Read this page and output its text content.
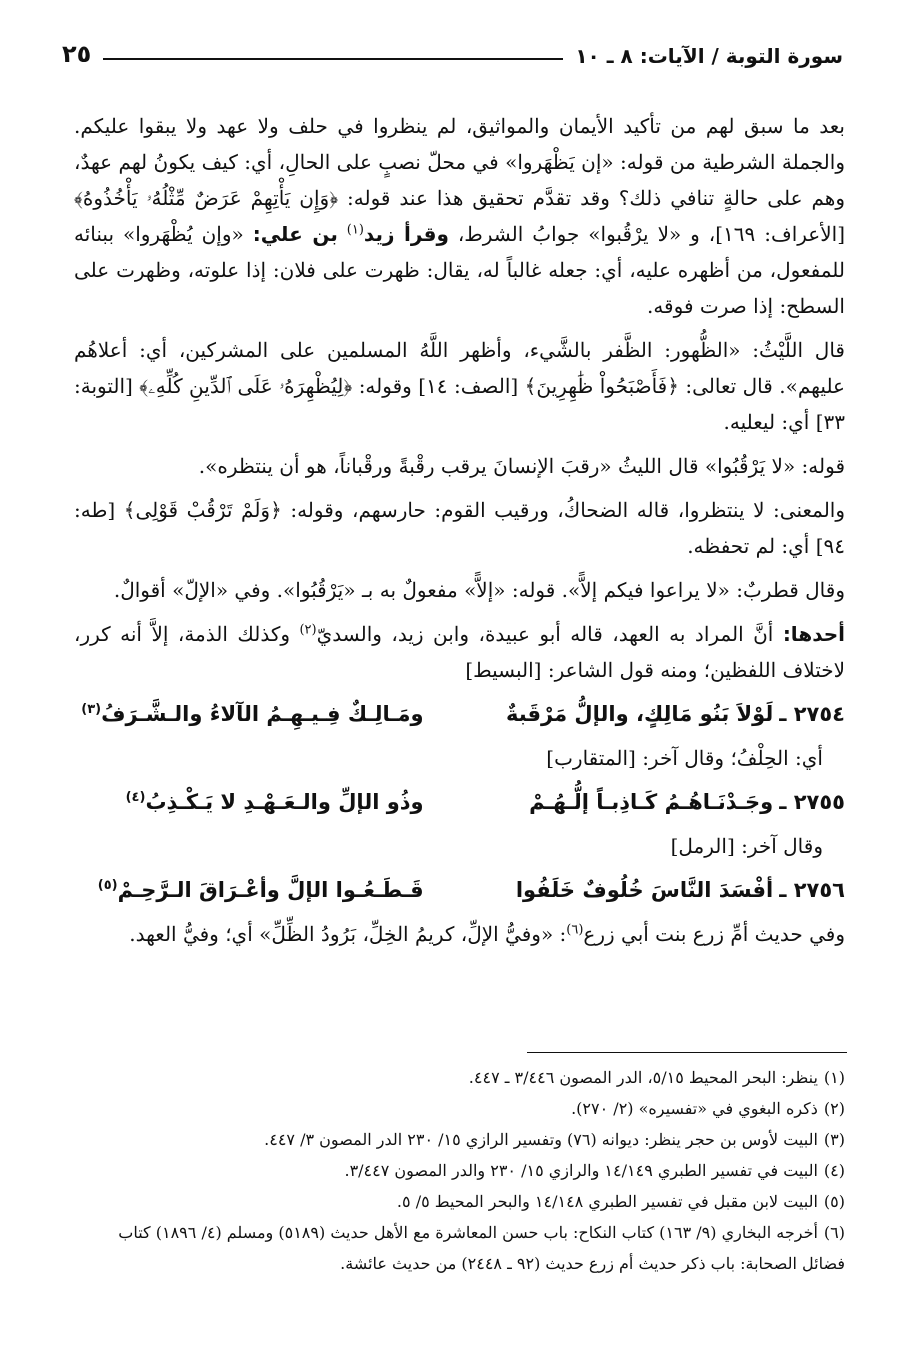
٢٥	سورة التوبة / الآيات: ٨ ـ ١٠

بعد ما سبق لهم من تأكيد الأيمان والمواثيق، لم ينظروا في حلف ولا عهد ولا يبقوا عليكم. والجملة الشرطية من قوله: «إن يَظْهَروا» في محلّ نصبٍ على الحالِ، أي: كيف يكونُ لهم عهدٌ، وهم على حالةٍ تنافي ذلك؟ وقد تقدَّم تحقيق هذا عند قوله: ﴿وَإِن يَأْتِهِمْ عَرَضٌ مِّثْلُهُۥ يَأْخُذُوهُ﴾ [الأعراف: ١٦٩]، و «لا يرْقُبوا» جوابُ الشرط، وقرأ زيد$^{(١)}$ بن علي: «وإن يُظْهَروا» ببنائه للمفعول، من أظهره عليه، أي: جعله غالباً له، يقال: ظهرت على فلان: إذا علوته، وظهرت على السطح: إذا صرت فوقه.

قال اللَّيْثُ: «الظُّهور: الظَّفر بالشَّيء، وأظهر اللَّهُ المسلمين على المشركين، أي: أعلاهُم عليهم». قال تعالى: ﴿فَأَصْبَحُواْ ظَٰهِرِينَ﴾ [الصف: ١٤] وقوله: ﴿لِيُظْهِرَهُۥ عَلَى ٱلدِّينِ كُلِّهِۦ﴾ [التوبة: ٣٣] أي: ليعليه.

قوله: «لا يَرْقُبُوا» قال الليثُ «رقبَ الإنسانَ يرقب رقْبةً ورقْباناً، هو أن ينتظره».

والمعنى: لا ينتظروا، قاله الضحاكُ، ورقيب القوم: حارسهم، وقوله: ﴿وَلَمْ تَرْقُبْ قَوْلِى﴾ [طه: ٩٤] أي: لم تحفظه.

وقال قطربٌ: «لا يراعوا فيكم إلاًّ». قوله: «إلاًّ» مفعولٌ به بـ «يَرْقُبُوا». وفي «الإلّ» أقوالٌ.

أحدها: أنَّ المراد به العهد، قاله أبو عبيدة، وابن زيد، والسديّ$^{(٢)}$ وكذلك الذمة، إلاَّ أنه كرر، لاختلاف اللفظين؛ ومنه قول الشاعر: [البسيط]

٢٧٥٤ ـ
لَوْلاَ بَنُو مَالِكٍ، والإلُّ مَرْقَبةٌ
ومَـالِـكٌ فِـيـهِـمُ الآلاءُ والـشَّـرَفُ$^{(٣)}$

أي: الحِلْفُ؛ وقال آخر: [المتقارب]

٢٧٥٥ ـ
وجَـدْنَـاهُـمُ كَـاذِبـاً إلُّـهُـمْ
وذُو الإلِّ والـعَـهْـدِ لا يَـكْـذِبُ$^{(٤)}$

وقال آخر: [الرمل]

٢٧٥٦ ـ
أفْسَدَ النَّاسَ خُلُوفٌ خَلَفُوا
قَـطَـعُـوا الإلَّ وأعْـرَاقَ الـرَّحِـمْ$^{(٥)}$

وفي حديث أمِّ زرع بنت أبي زرع$^{(٦)}$: «وفيُّ الإلِّ، كريمُ الخِلِّ، بَرُودُ الظِّلِّ» أي؛ وفيُّ العهد.

(١)ينظر: البحر المحيط ٥/١٥، الدر المصون ٣/٤٤٦ ـ ٤٤٧.

(٢)ذكره البغوي في «تفسيره» (٢/ ٢٧٠).

(٣)البيت لأوس بن حجر ينظر: ديوانه (٧٦) وتفسير الرازي ١٥/ ٢٣٠ الدر المصون ٣/ ٤٤٧.

(٤)البيت في تفسير الطبري ١٤/١٤٩ والرازي ١٥/ ٢٣٠ والدر المصون ٣/٤٤٧.

(٥)البيت لابن مقبل في تفسير الطبري ١٤/١٤٨ والبحر المحيط ٥/ ٥.

(٦)أخرجه البخاري (٩/ ١٦٣) كتاب النكاح: باب حسن المعاشرة مع الأهل حديث (٥١٨٩) ومسلم (٤/ ١٨٩٦) كتاب فضائل الصحابة: باب ذكر حديث أم زرع حديث (٩٢ ـ ٢٤٤٨) من حديث عائشة.
